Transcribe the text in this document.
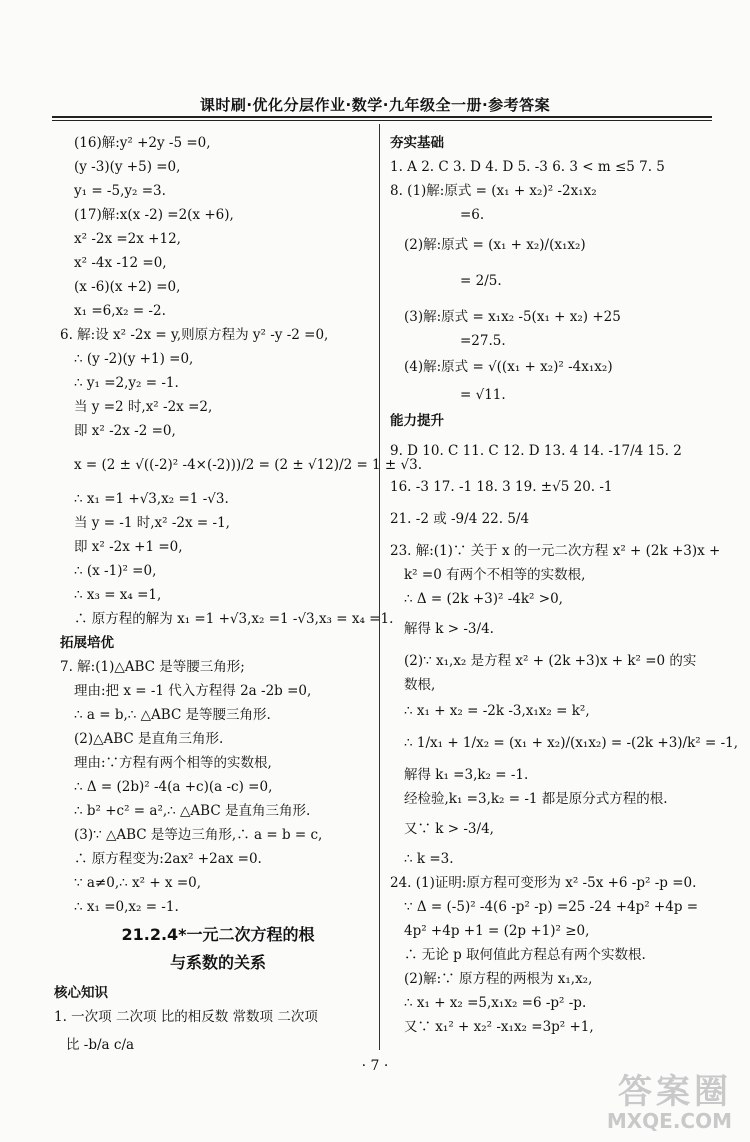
课时刷·优化分层作业·数学·九年级全一册·参考答案
(16)解:y² +2y -5 =0,
(y -3)(y +5) =0,
y₁ = -5,y₂ =3.
(17)解:x(x -2) =2(x +6),
x² -2x =2x +12,
x² -4x -12 =0,
(x -6)(x +2) =0,
x₁ =6,x₂ = -2.
6. 解:设 x² -2x = y,则原方程为 y² -y -2 =0,
∴ (y -2)(y +1) =0,
∴ y₁ =2,y₂ = -1.
当 y =2 时,x² -2x =2,
即 x² -2x -2 =0,
x = (2 ± √((-2)² -4×(-2)))/2 = (2 ± √12)/2 = 1 ± √3.
∴ x₁ =1 +√3,x₂ =1 -√3.
当 y = -1 时,x² -2x = -1,
即 x² -2x +1 =0,
∴ (x -1)² =0,
∴ x₃ = x₄ =1,
∴ 原方程的解为 x₁ =1 +√3,x₂ =1 -√3,x₃ = x₄ =1.
拓展培优
7. 解:(1)△ABC 是等腰三角形;
理由:把 x = -1 代入方程得 2a -2b =0,
∴ a = b,∴ △ABC 是等腰三角形.
(2)△ABC 是直角三角形.
理由:∵方程有两个相等的实数根,
∴ Δ = (2b)² -4(a +c)(a -c) =0,
∴ b² +c² = a²,∴ △ABC 是直角三角形.
(3)∵ △ABC 是等边三角形,∴ a = b = c,
∴ 原方程变为:2ax² +2ax =0.
∵ a≠0,∴ x² + x =0,
∴ x₁ =0,x₂ = -1.
21.2.4*一元二次方程的根
与系数的关系
核心知识
1. 一次项 二次项 比的相反数 常数项 二次项
比 -b/a c/a
夯实基础
1. A 2. C 3. D 4. D 5. -3 6. 3 < m ≤5 7. 5
8. (1)解:原式 = (x₁ + x₂)² -2x₁x₂
=6.
(2)解:原式 = (x₁ + x₂)/(x₁x₂)
= 2/5.
(3)解:原式 = x₁x₂ -5(x₁ + x₂) +25
=27.5.
(4)解:原式 = √((x₁ + x₂)² -4x₁x₂)
= √11.
能力提升
9. D 10. C 11. C 12. D 13. 4 14. -17/4 15. 2
16. -3 17. -1 18. 3 19. ±√5 20. -1
21. -2 或 -9/4 22. 5/4
23. 解:(1)∵ 关于 x 的一元二次方程 x² + (2k +3)x +
k² =0 有两个不相等的实数根,
∴ Δ = (2k +3)² -4k² >0,
解得 k > -3/4.
(2)∵ x₁,x₂ 是方程 x² + (2k +3)x + k² =0 的实
数根,
∴ x₁ + x₂ = -2k -3,x₁x₂ = k²,
∴ 1/x₁ + 1/x₂ = (x₁ + x₂)/(x₁x₂) = -(2k +3)/k² = -1,
解得 k₁ =3,k₂ = -1.
经检验,k₁ =3,k₂ = -1 都是原分式方程的根.
又∵ k > -3/4,
∴ k =3.
24. (1)证明:原方程可变形为 x² -5x +6 -p² -p =0.
∵ Δ = (-5)² -4(6 -p² -p) =25 -24 +4p² +4p =
4p² +4p +1 = (2p +1)² ≥0,
∴ 无论 p 取何值此方程总有两个实数根.
(2)解:∵ 原方程的两根为 x₁,x₂,
∴ x₁ + x₂ =5,x₁x₂ =6 -p² -p.
又∵ x₁² + x₂² -x₁x₂ =3p² +1,
· 7 ·
答案圈
MXQE.COM
